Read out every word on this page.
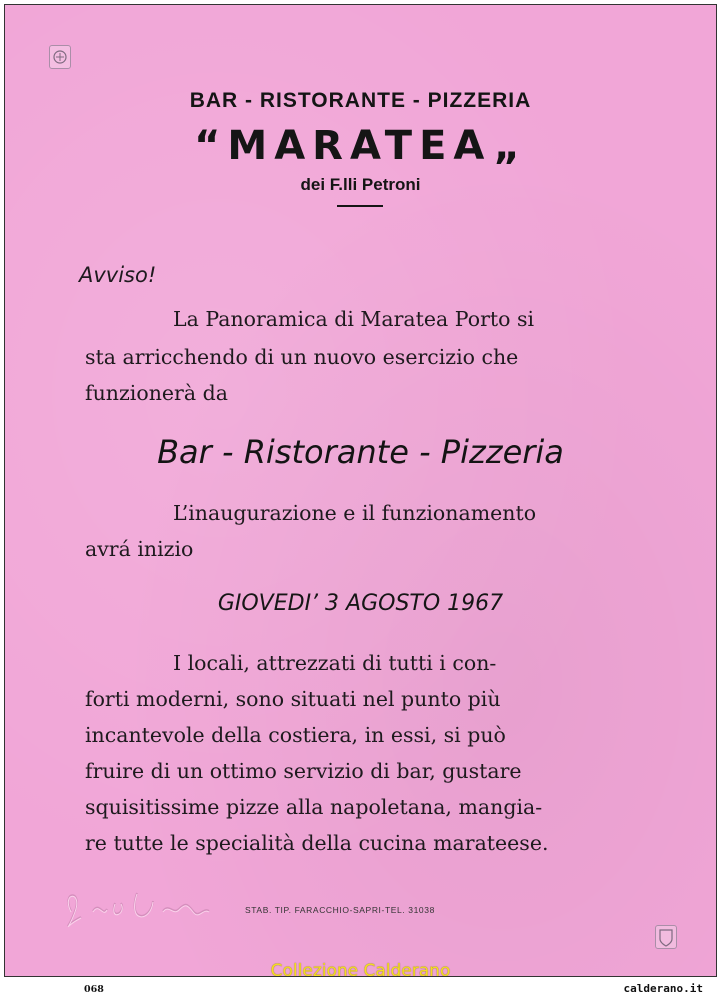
BAR - RISTORANTE - PIZZERIA
“MARATEA„
dei F.lli Petroni
Avviso!
La Panoramica di Maratea Porto si
sta arricchendo di un nuovo esercizio che
funzionerà da
Bar - Ristorante - Pizzeria
L’inaugurazione e il funzionamento
avrá inizio
GIOVEDI’ 3 AGOSTO 1967
I locali, attrezzati di tutti i con-
forti moderni, sono situati nel punto più
incantevole della costiera, in essi, si può
fruire di un ottimo servizio di bar, gustare
squisitissime pizze alla napoletana, mangia-
re tutte le specialità della cucina marateese.
STAB. TIP. FARACCHIO-SAPRI-TEL. 31038
Collezione Calderano
068	calderano.it
